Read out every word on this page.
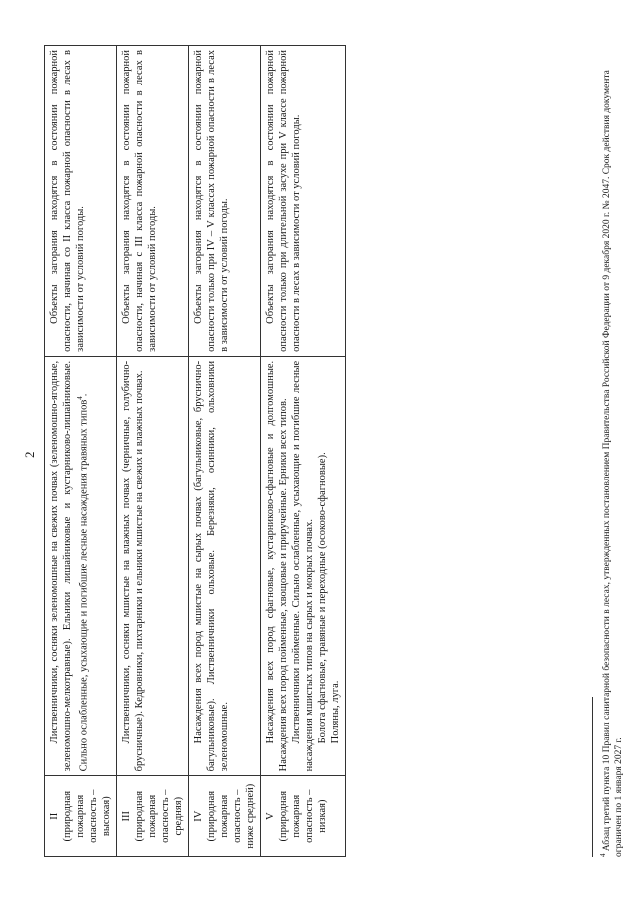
2
II (природная пожарная опасность – высокая)	Лиственничники, сосняки зеленомошные на свежих почвах (зеленомошно-ягодные, зеленомошно-мелкотравные). Ельники лишайниковые и кустарниково-лишайниковые. Сильно ослабленные, усыхающие и погибшие лесные насаждения травяных типов$^4$.	Объекты загорания находятся в состоянии пожарной опасности, начиная со II класса пожарной опасности в лесах в зависимости от условий погоды.

III (природная пожарная опасность – средняя)	Лиственничники, сосняки мшистые на влажных почвах (черничные, голубично-брусничные). Кедровники, пихтарники и ельники мшистые на свежих и влажных почвах.	Объекты загорания находятся в состоянии пожарной опасности, начиная с III класса пожарной опасности в лесах в зависимости от условий погоды.

IV (природная пожарная опасность – ниже средней)	Насаждения всех пород мшистые на сырых почвах (багульниковые, бруснично-багульниковые). Лиственничники ольховые. Березняки, осинники, ольховники зеленомошные.	Объекты загорания находятся в состоянии пожарной опасности только при IV – V классах пожарной опасности в лесах в зависимости от условий погоды.

V (природная пожарная опасность – низкая)	Насаждения всех пород сфагновые, кустарниково-сфагновые и долгомошные. Насаждения всех пород пойменные, хвощовые и приручейные. Ерники всех типов. Лиственничники пойменные. Сильно ослабленные, усыхающие и погибшие лесные насаждения мшистых типов на сырых и мокрых почвах. Болота сфагновые, травяные и переходные (осоково-сфагновые). Поляны, луга.	Объекты загорания находятся в состоянии пожарной опасности только при длительной засухе при V классе пожарной опасности в лесах в зависимости от условий погоды.
$^4$ Абзац третий пункта 10 Правил санитарной безопасности в лесах, утвержденных постановлением Правительства Российской Федерации от 9 декабря 2020 г. № 2047. Срок действия документа ограничен по 1 января 2027 г.
